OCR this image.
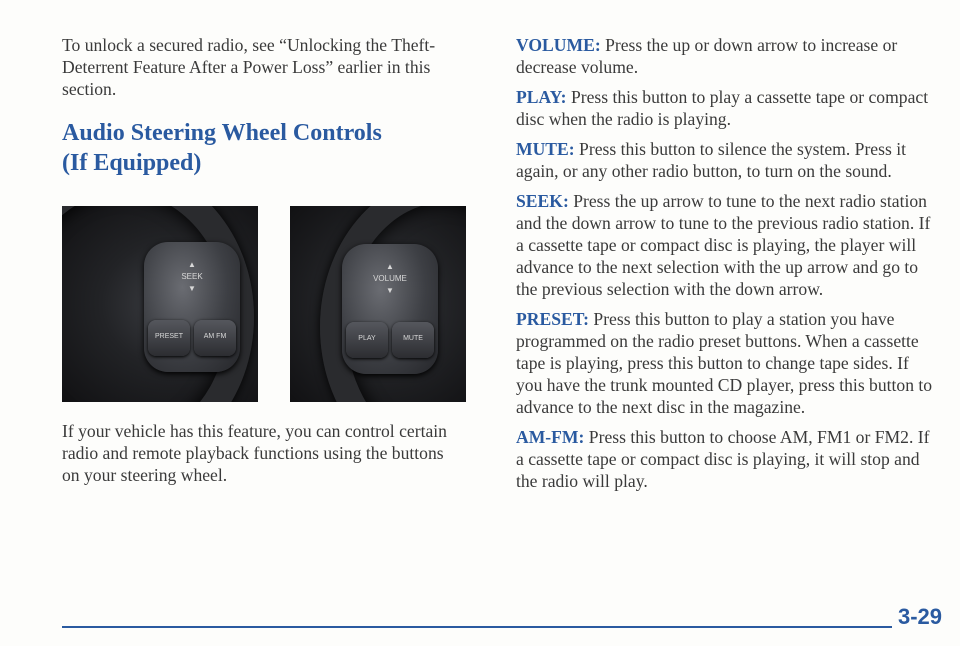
To unlock a secured radio, see “Unlocking the Theft-Deterrent Feature After a Power Loss” earlier in this section.

Audio Steering Wheel Controls
(If Equipped)
▲
SEEK
▼
PRESET	AM FM
▲
VOLUME
▼
PLAY	MUTE

If your vehicle has this feature, you can control certain radio and remote playback functions using the buttons on your steering wheel.

VOLUME: Press the up or down arrow to increase or decrease volume.

PLAY: Press this button to play a cassette tape or compact disc when the radio is playing.

MUTE: Press this button to silence the system. Press it again, or any other radio button, to turn on the sound.

SEEK: Press the up arrow to tune to the next radio station and the down arrow to tune to the previous radio station. If a cassette tape or compact disc is playing, the player will advance to the next selection with the up arrow and go to the previous selection with the down arrow.

PRESET: Press this button to play a station you have programmed on the radio preset buttons. When a cassette tape is playing, press this button to change tape sides. If you have the trunk mounted CD player, press this button to advance to the next disc in the magazine.

AM-FM: Press this button to choose AM, FM1 or FM2. If a cassette tape or compact disc is playing, it will stop and the radio will play.

3-29
